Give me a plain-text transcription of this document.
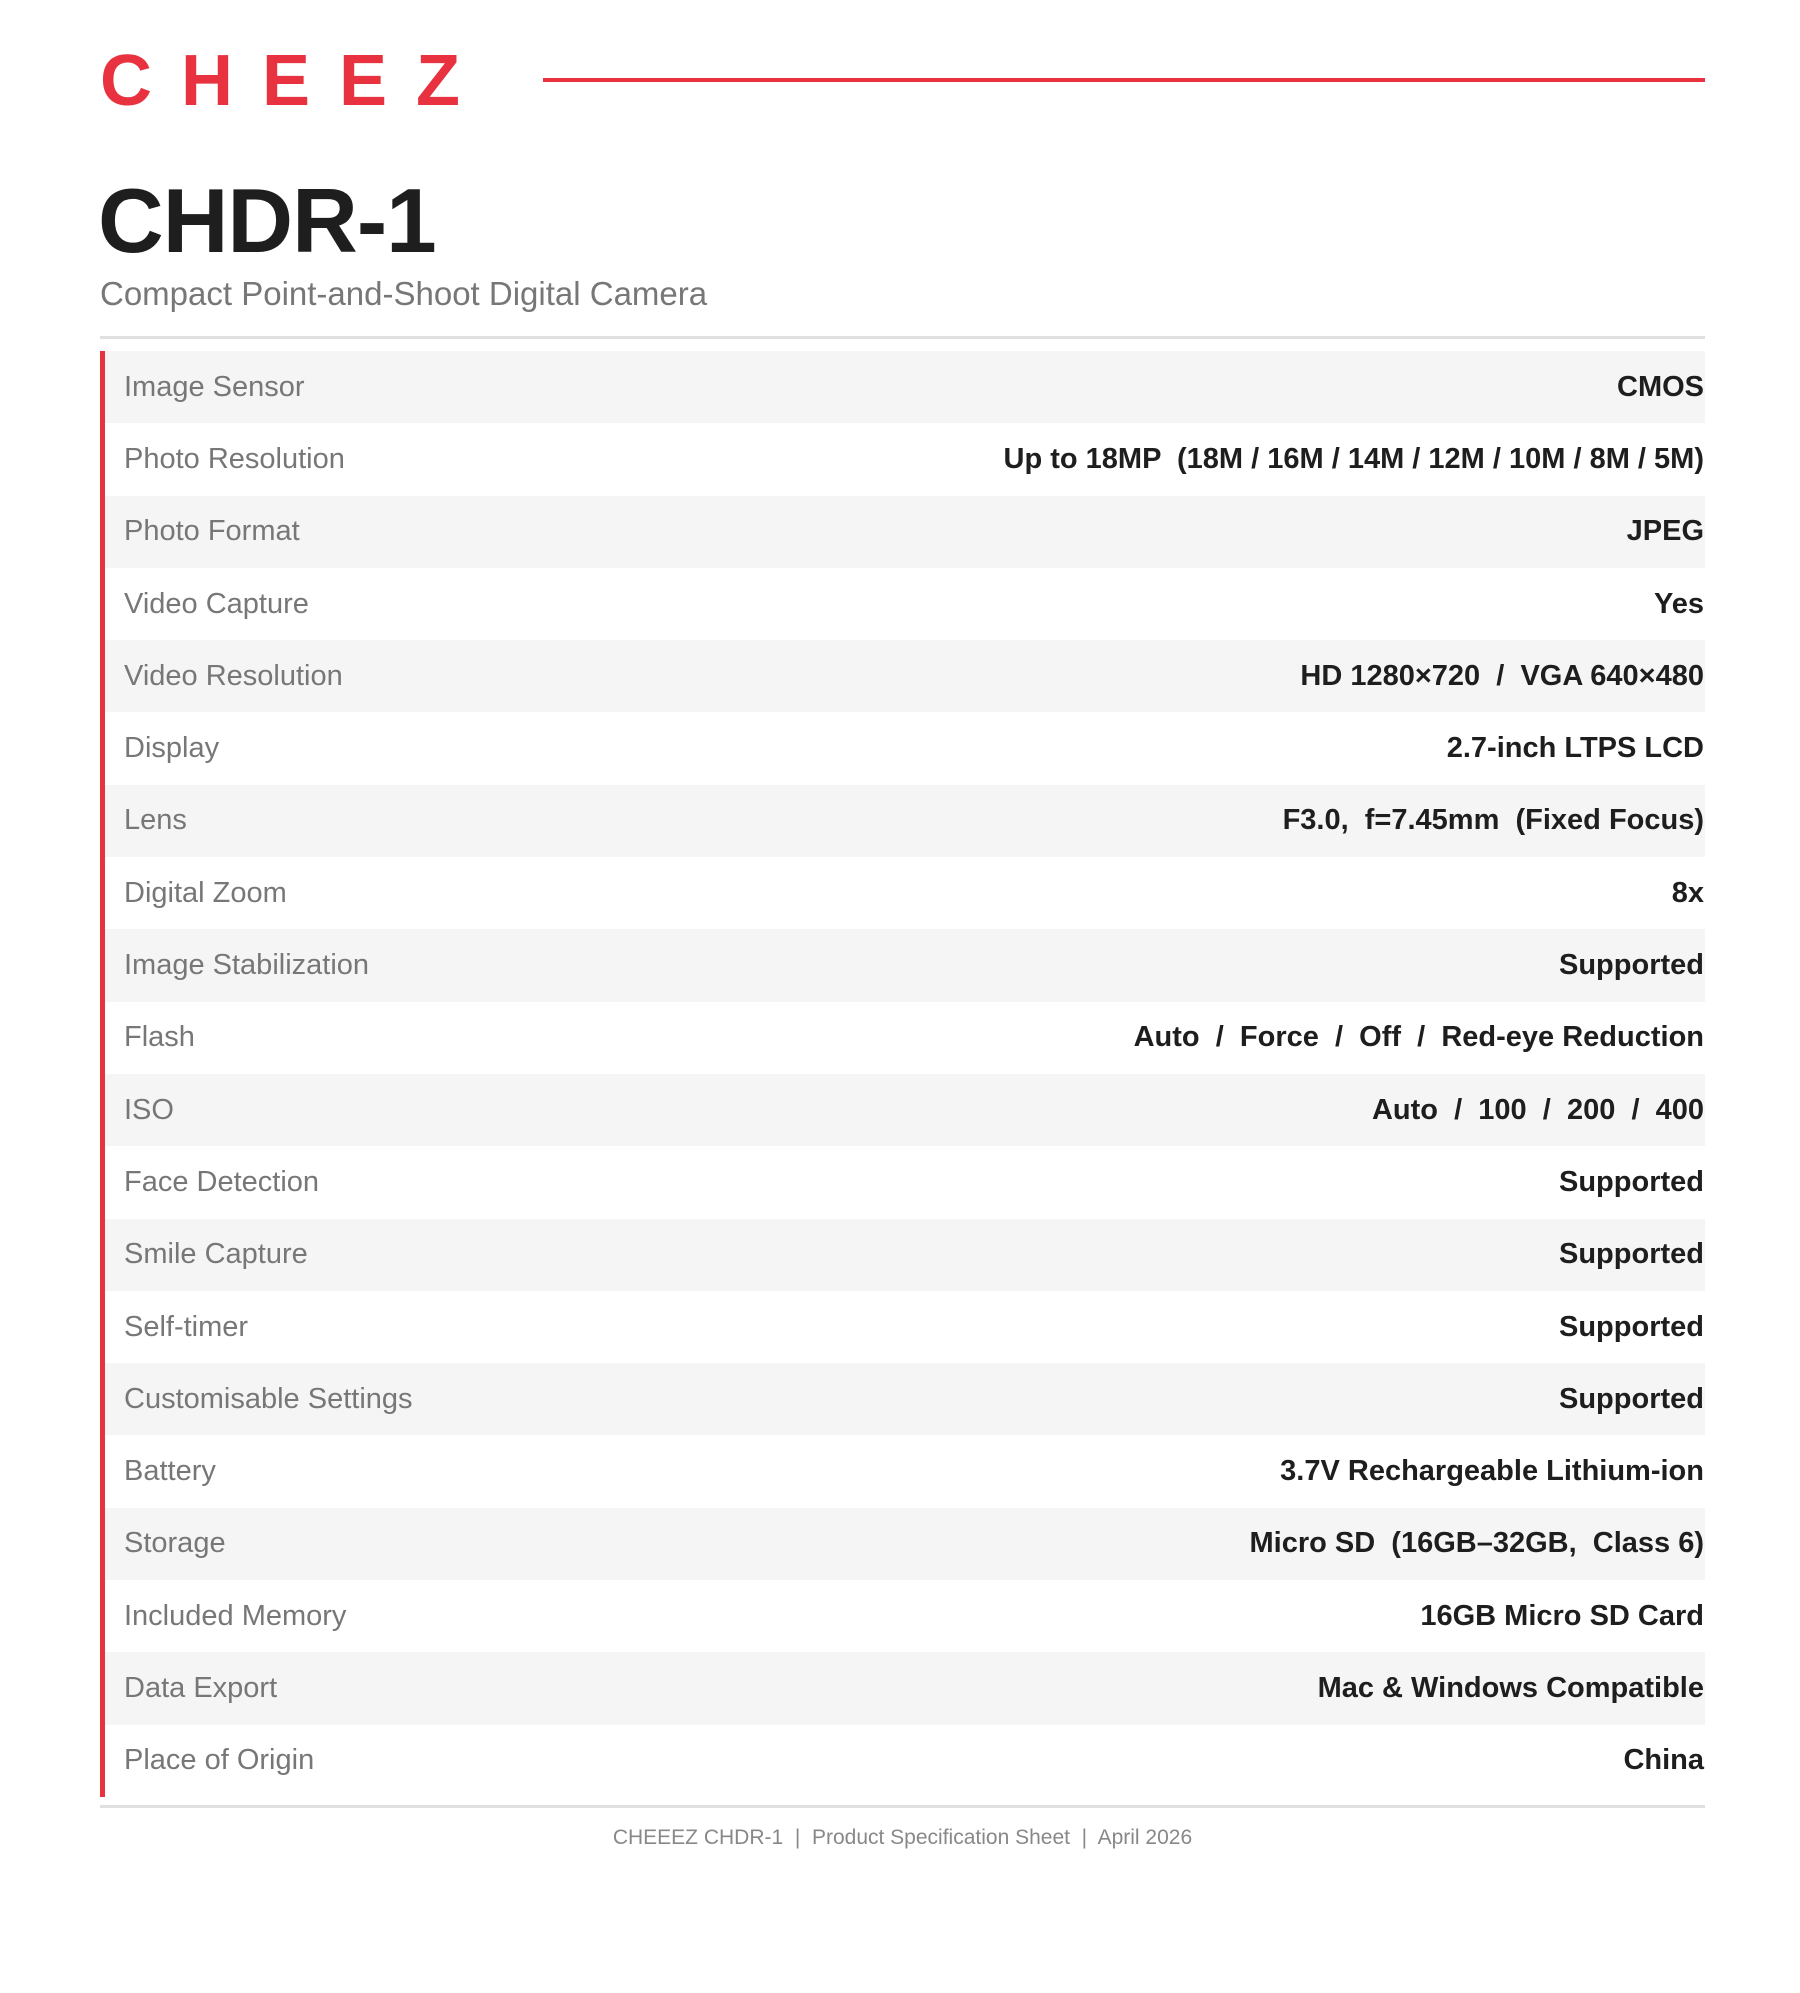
CHEEZ
CHDR-1
Compact Point-and-Shoot Digital Camera
Image Sensor	CMOS
Photo Resolution	Up to 18MP  (18M / 16M / 14M / 12M / 10M / 8M / 5M)
Photo Format	JPEG
Video Capture	Yes
Video Resolution	HD 1280×720  /  VGA 640×480
Display	2.7-inch LTPS LCD
Lens	F3.0,  f=7.45mm  (Fixed Focus)
Digital Zoom	8x
Image Stabilization	Supported
Flash	Auto  /  Force  /  Off  /  Red-eye Reduction
ISO	Auto  /  100  /  200  /  400
Face Detection	Supported
Smile Capture	Supported
Self-timer	Supported
Customisable Settings	Supported
Battery	3.7V Rechargeable Lithium-ion
Storage	Micro SD  (16GB–32GB,  Class 6)
Included Memory	16GB Micro SD Card
Data Export	Mac & Windows Compatible
Place of Origin	China
CHEEEZ CHDR-1  |  Product Specification Sheet  |  April 2026
